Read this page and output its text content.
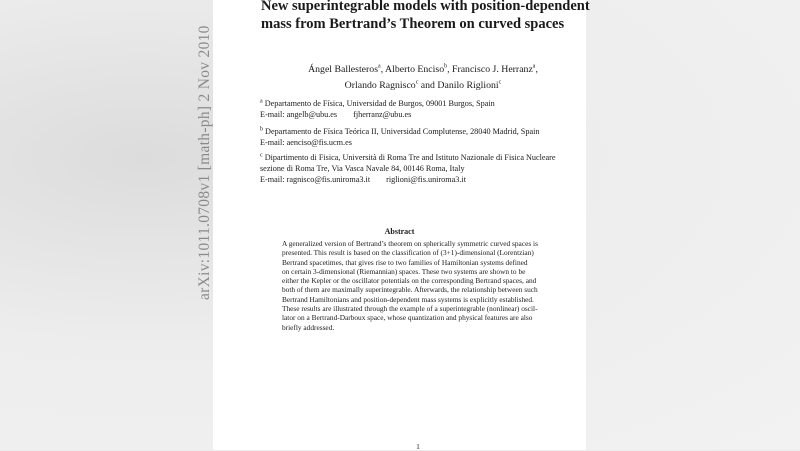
arXiv:1011.0708v1 [math-ph] 2 Nov 2010
New superintegrable models with position-dependent
mass from Bertrand’s Theorem on curved spaces
Ángel Ballesteros$^a$, Alberto Enciso$^b$, Francisco J. Herranz$^a$,
Orlando Ragnisco$^c$ and Danilo Riglioni$^c$
$^a$ Departamento de Física, Universidad de Burgos, 09001 Burgos, Spain
E-mail: angelb@ubu.es fjherranz@ubu.es
$^b$ Departamento de Física Teórica II, Universidad Complutense, 28040 Madrid, Spain
E-mail: aenciso@fis.ucm.es
$^c$ Dipartimento di Fisica, Università di Roma Tre and Istituto Nazionale di Fisica Nucleare
sezione di Roma Tre, Via Vasca Navale 84, 00146 Roma, Italy
E-mail: ragnisco@fis.uniroma3.it riglioni@fis.uniroma3.it
Abstract
A generalized version of Bertrand’s theorem on spherically symmetric curved spaces is
presented. This result is based on the classification of (3+1)-dimensional (Lorentzian)
Bertrand spacetimes, that gives rise to two families of Hamiltonian systems defined
on certain 3-dimensional (Riemannian) spaces. These two systems are shown to be
either the Kepler or the oscillator potentials on the corresponding Bertrand spaces, and
both of them are maximally superintegrable. Afterwards, the relationship between such
Bertrand Hamiltonians and position-dependent mass systems is explicitly established.
These results are illustrated through the example of a superintegrable (nonlinear) oscil-
lator on a Bertrand-Darboux space, whose quantization and physical features are also
briefly addressed.
1
